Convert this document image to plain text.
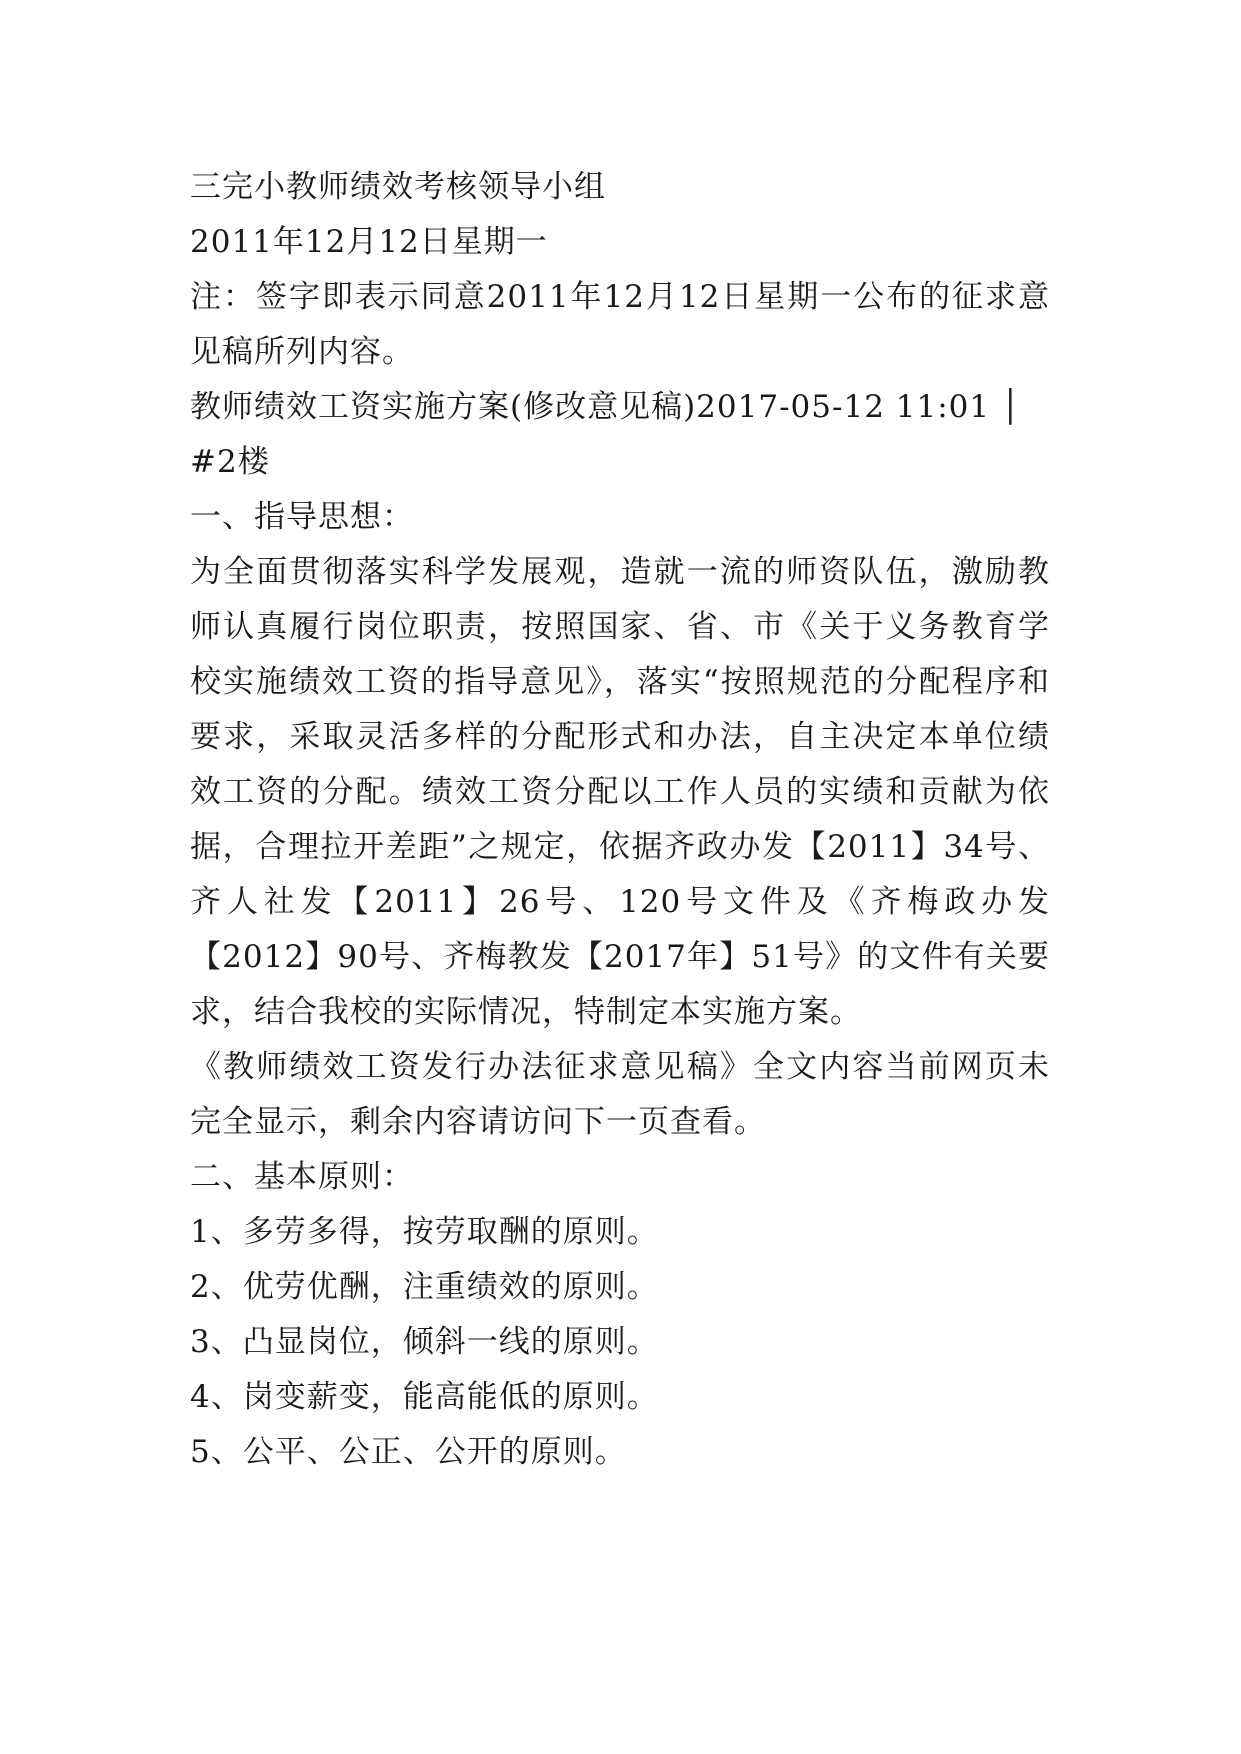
三完小教师绩效考核领导小组

2011年12月12日星期一

注：签字即表示同意2011年12月12日星期一公布的征求意见稿所列内容。

教师绩效工资实施方案(修改意见稿)2017-05-12 11:01 │

#2楼

一、指导思想：

为全面贯彻落实科学发展观，造就一流的师资队伍，激励教师认真履行岗位职责，按照国家、省、市《关于义务教育学校实施绩效工资的指导意见》，落实“按照规范的分配程序和要求，采取灵活多样的分配形式和办法，自主决定本单位绩效工资的分配。绩效工资分配以工作人员的实绩和贡献为依据，合理拉开差距”之规定，依据齐政办发【2011】34号、齐人社发【2011】26号、120号文件及《齐梅政办发【2012】90号、齐梅教发【2017年】51号》的文件有关要求，结合我校的实际情况，特制定本实施方案。

《教师绩效工资发行办法征求意见稿》全文内容当前网页未完全显示，剩余内容请访问下一页查看。

二、基本原则：

1、多劳多得，按劳取酬的原则。

2、优劳优酬，注重绩效的原则。

3、凸显岗位，倾斜一线的原则。

4、岗变薪变，能高能低的原则。

5、公平、公正、公开的原则。
